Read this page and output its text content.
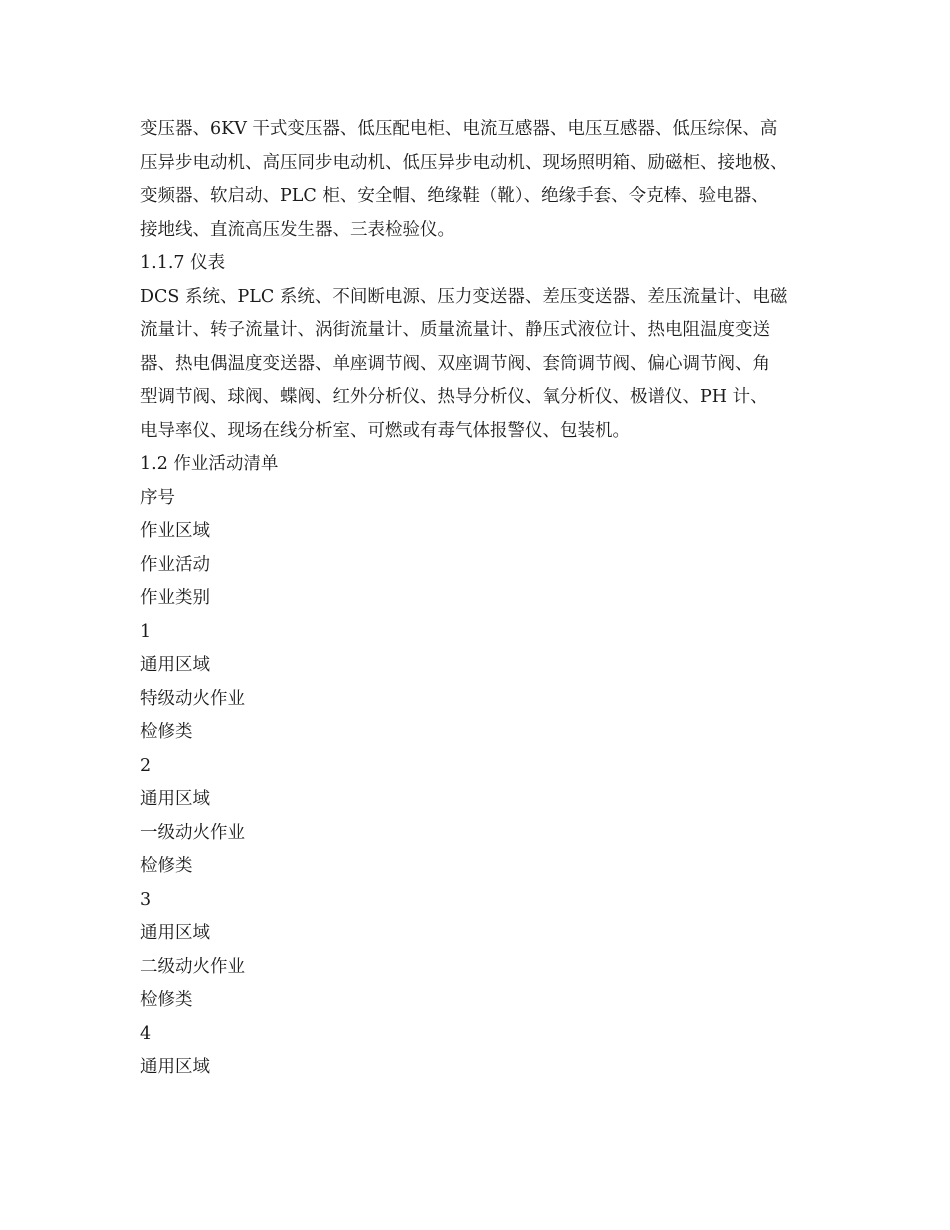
变压器、6KV 干式变压器、低压配电柜、电流互感器、电压互感器、低压综保、高
压异步电动机、高压同步电动机、低压异步电动机、现场照明箱、励磁柜、接地极、
变频器、软启动、PLC 柜、安全帽、绝缘鞋（靴）、绝缘手套、令克棒、验电器、
接地线、直流高压发生器、三表检验仪。
1.1.7 仪表
DCS 系统、PLC 系统、不间断电源、压力变送器、差压变送器、差压流量计、电磁
流量计、转子流量计、涡街流量计、质量流量计、静压式液位计、热电阻温度变送
器、热电偶温度变送器、单座调节阀、双座调节阀、套筒调节阀、偏心调节阀、角
型调节阀、球阀、蝶阀、红外分析仪、热导分析仪、氧分析仪、极谱仪、PH 计、
电导率仪、现场在线分析室、可燃或有毒气体报警仪、包装机。
1.2 作业活动清单
序号
作业区域
作业活动
作业类别
1
通用区域
特级动火作业
检修类
2
通用区域
一级动火作业
检修类
3
通用区域
二级动火作业
检修类
4
通用区域
